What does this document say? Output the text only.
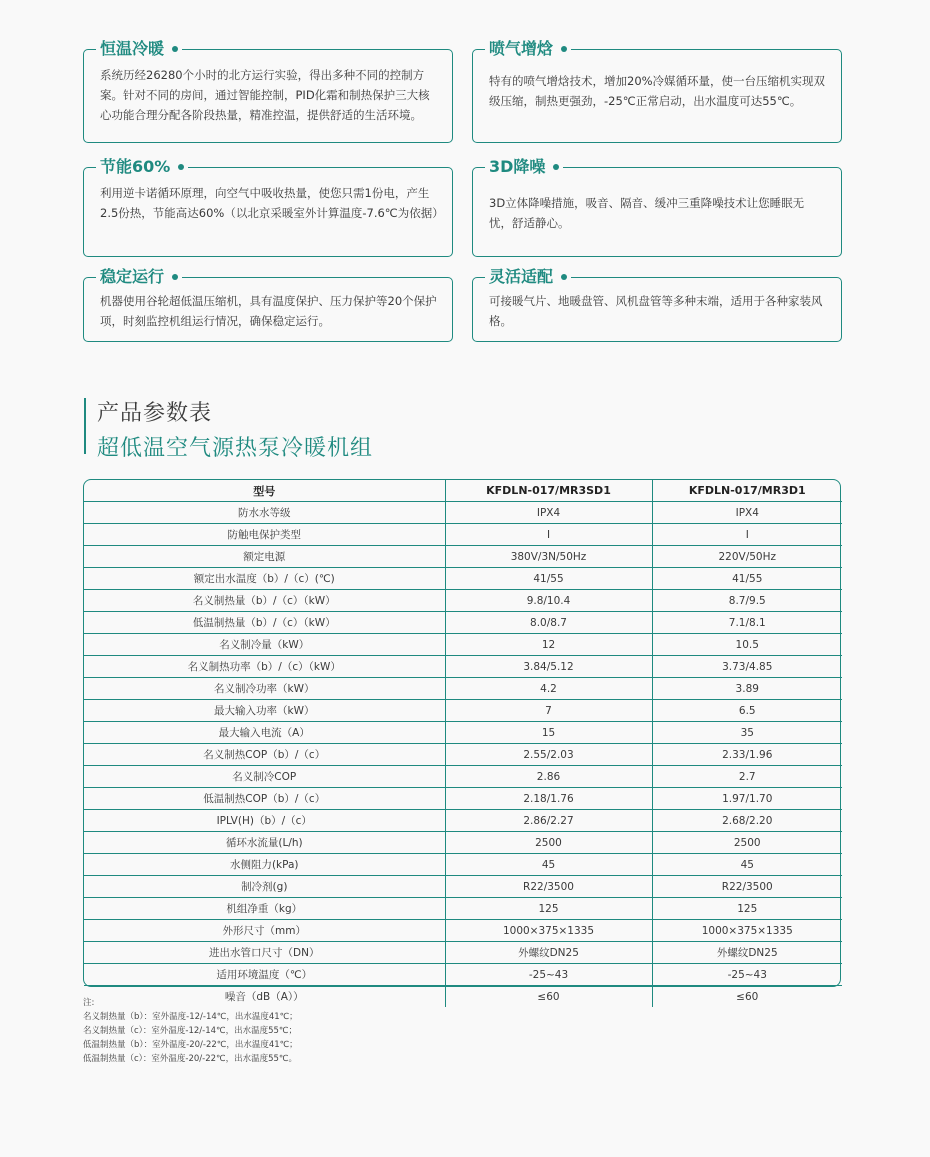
恒温冷暖
系统历经26280个小时的北方运行实验，得出多种不同的控制方案。针对不同的房间，通过智能控制，PID化霜和制热保护三大核心功能合理分配各阶段热量，精准控温，提供舒适的生活环境。
喷气增焓
特有的喷气增焓技术，增加20%冷媒循环量，使一台压缩机实现双级压缩，制热更强劲，-25℃正常启动，出水温度可达55℃。
节能60%
利用逆卡诺循环原理，向空气中吸收热量，使您只需1份电，产生2.5份热，节能高达60%（以北京采暖室外计算温度-7.6℃为依据）
3D降噪
3D立体降噪措施，吸音、隔音、缓冲三重降噪技术让您睡眠无忧，舒适静心。
稳定运行
机器使用谷轮超低温压缩机，具有温度保护、压力保护等20个保护项，时刻监控机组运行情况，确保稳定运行。
灵活适配
可接暖气片、地暖盘管、风机盘管等多种末端，适用于各种家装风格。
产品参数表
超低温空气源热泵冷暖机组
型号	KFDLN-017/MR3SD1	KFDLN-017/MR3D1
防水水等级	IPX4	IPX4
防触电保护类型	Ⅰ	Ⅰ
额定电源	380V/3N/50Hz	220V/50Hz
额定出水温度（b）/（c）(℃)	41/55	41/55
名义制热量（b）/（c）（kW）	9.8/10.4	8.7/9.5
低温制热量（b）/（c）（kW）	8.0/8.7	7.1/8.1
名义制冷量（kW）	12	10.5
名义制热功率（b）/（c）（kW）	3.84/5.12	3.73/4.85
名义制冷功率（kW）	4.2	3.89
最大输入功率（kW）	7	6.5
最大输入电流（A）	15	35
名义制热COP（b）/（c）	2.55/2.03	2.33/1.96
名义制冷COP	2.86	2.7
低温制热COP（b）/（c）	2.18/1.76	1.97/1.70
IPLV(H)（b）/（c）	2.86/2.27	2.68/2.20
循环水流量(L/h)	2500	2500
水侧阻力(kPa)	45	45
制冷剂(g)	R22/3500	R22/3500
机组净重（kg）	125	125
外形尺寸（mm）	1000×375×1335	1000×375×1335
进出水管口尺寸（DN）	外螺纹DN25	外螺纹DN25
适用环境温度（℃）	-25~43	-25~43
噪音（dB（A））	≤60	≤60
注:
名义制热量（b）：室外温度-12/-14℃，出水温度41℃；
名义制热量（c）：室外温度-12/-14℃，出水温度55℃；
低温制热量（b）：室外温度-20/-22℃，出水温度41℃；
低温制热量（c）：室外温度-20/-22℃，出水温度55℃。
